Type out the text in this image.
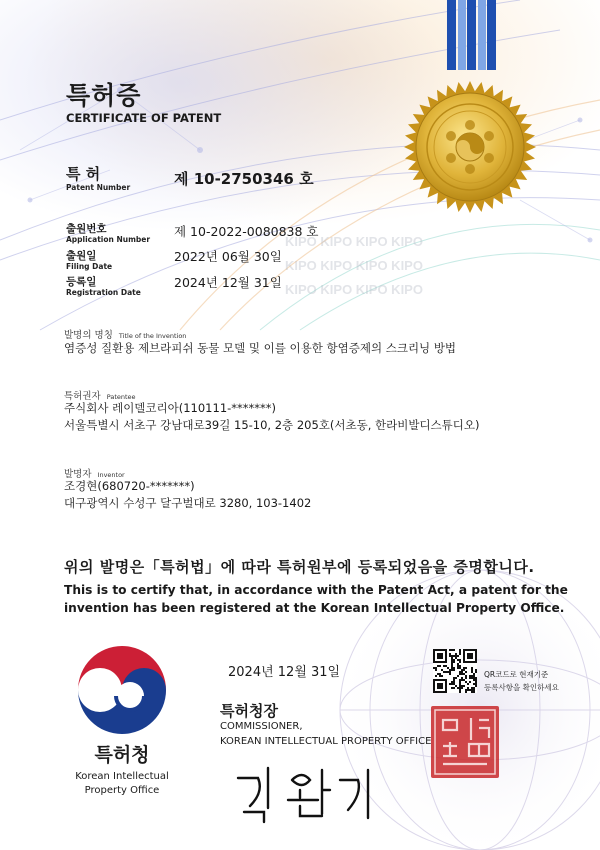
KIPO KIPO KIPO KIPO
KIPO KIPO KIPO KIPO
KIPO KIPO KIPO KIPO
특허증
CERTIFICATE OF PATENT
특 허
Patent Number	제 10-2750346 호
출원번호
Application Number
제 10-2022-0080838 호
출원일
Filing Date
2022년 06월 30일
등록일
Registration Date
2024년 12월 31일
발명의 명칭 Title of the Invention
염증성 질환용 제브라피쉬 동물 모델 및 이를 이용한 항염증제의 스크리닝 방법
특허권자 Patentee
주식회사 레이델코리아(110111-*******)
서울특별시 서초구 강남대로39길 15-10, 2층 205호(서초동, 한라비발디스튜디오)
발명자 Inventor
조경현(680720-*******)
대구광역시 수성구 달구벌대로 3280, 103-1402
위의 발명은「특허법」에 따라 특허원부에 등록되었음을 증명합니다.
This is to certify that, in accordance with the Patent Act, a patent for the
invention has been registered at the Korean Intellectual Property Office.
2024년 12월 31일
특허청장
COMMISSIONER,
KOREAN INTELLECTUAL PROPERTY OFFICE
특허청
Korean Intellectual
Property Office
QR코드로 현재기준
등록사항을 확인하세요
